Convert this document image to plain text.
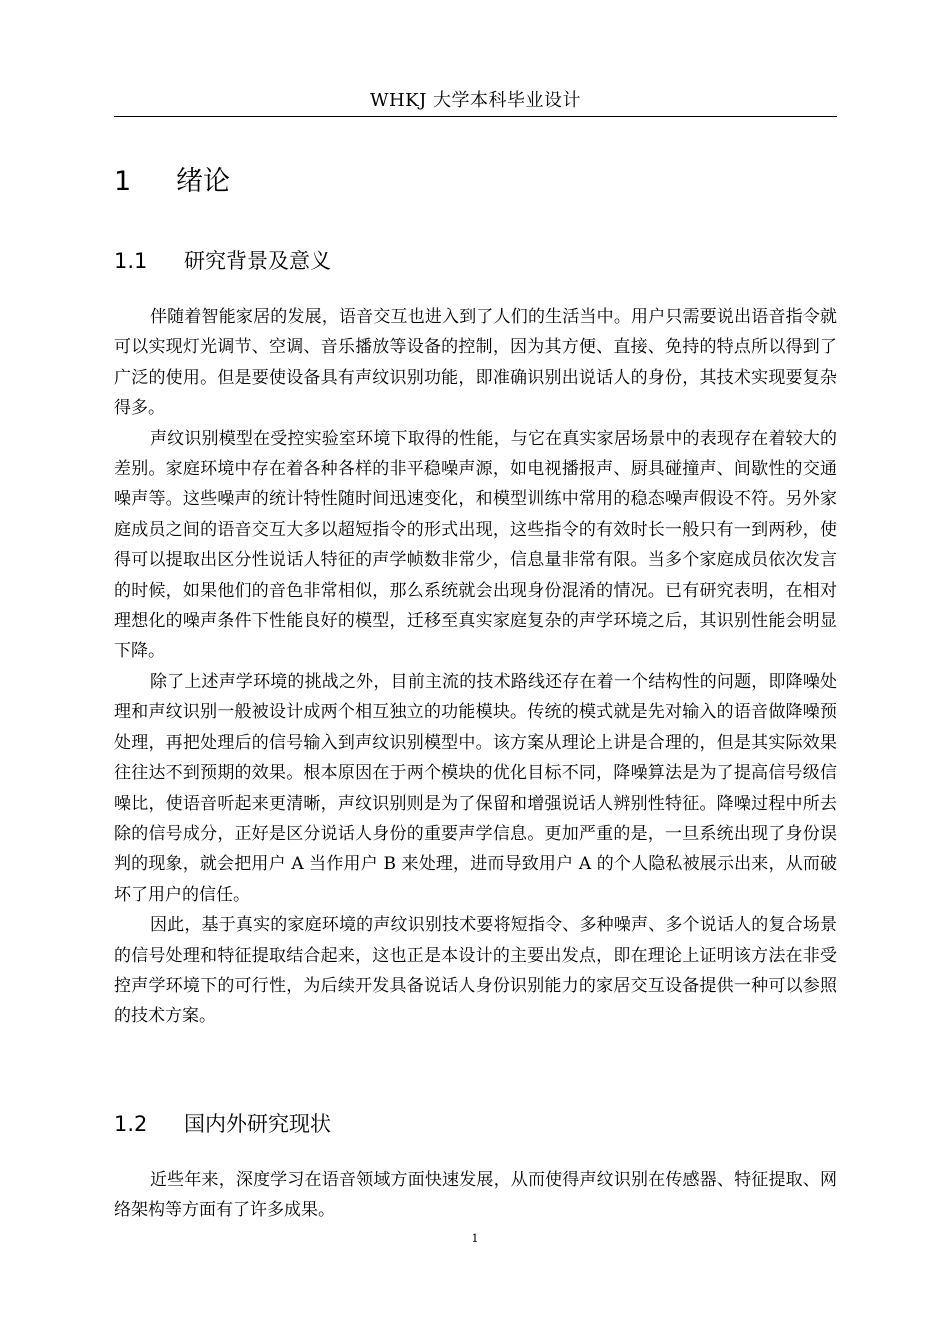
WHKJ 大学本科毕业设计
1 绪论
1.1 研究背景及意义

伴随着智能家居的发展，语音交互也进入到了人们的生活当中。用户只需要说出语音指令就可以实现灯光调节、空调、音乐播放等设备的控制，因为其方便、直接、免持的特点所以得到了广泛的使用。但是要使设备具有声纹识别功能，即准确识别出说话人的身份，其技术实现要复杂得多。

声纹识别模型在受控实验室环境下取得的性能，与它在真实家居场景中的表现存在着较大的差别。家庭环境中存在着各种各样的非平稳噪声源，如电视播报声、厨具碰撞声、间歇性的交通噪声等。这些噪声的统计特性随时间迅速变化，和模型训练中常用的稳态噪声假设不符。另外家庭成员之间的语音交互大多以超短指令的形式出现，这些指令的有效时长一般只有一到两秒，使得可以提取出区分性说话人特征的声学帧数非常少，信息量非常有限。当多个家庭成员依次发言的时候，如果他们的音色非常相似，那么系统就会出现身份混淆的情况。已有研究表明，在相对理想化的噪声条件下性能良好的模型，迁移至真实家庭复杂的声学环境之后，其识别性能会明显下降。

除了上述声学环境的挑战之外，目前主流的技术路线还存在着一个结构性的问题，即降噪处理和声纹识别一般被设计成两个相互独立的功能模块。传统的模式就是先对输入的语音做降噪预处理，再把处理后的信号输入到声纹识别模型中。该方案从理论上讲是合理的，但是其实际效果往往达不到预期的效果。根本原因在于两个模块的优化目标不同，降噪算法是为了提高信号级信噪比，使语音听起来更清晰，声纹识别则是为了保留和增强说话人辨别性特征。降噪过程中所去除的信号成分，正好是区分说话人身份的重要声学信息。更加严重的是，一旦系统出现了身份误判的现象，就会把用户 A 当作用户 B 来处理，进而导致用户 A 的个人隐私被展示出来，从而破坏了用户的信任。

因此，基于真实的家庭环境的声纹识别技术要将短指令、多种噪声、多个说话人的复合场景的信号处理和特征提取结合起来，这也正是本设计的主要出发点，即在理论上证明该方法在非受控声学环境下的可行性，为后续开发具备说话人身份识别能力的家居交互设备提供一种可以参照的技术方案。

1.2 国内外研究现状

近些年来，深度学习在语音领域方面快速发展，从而使得声纹识别在传感器、特征提取、网络架构等方面有了许多成果。

1
